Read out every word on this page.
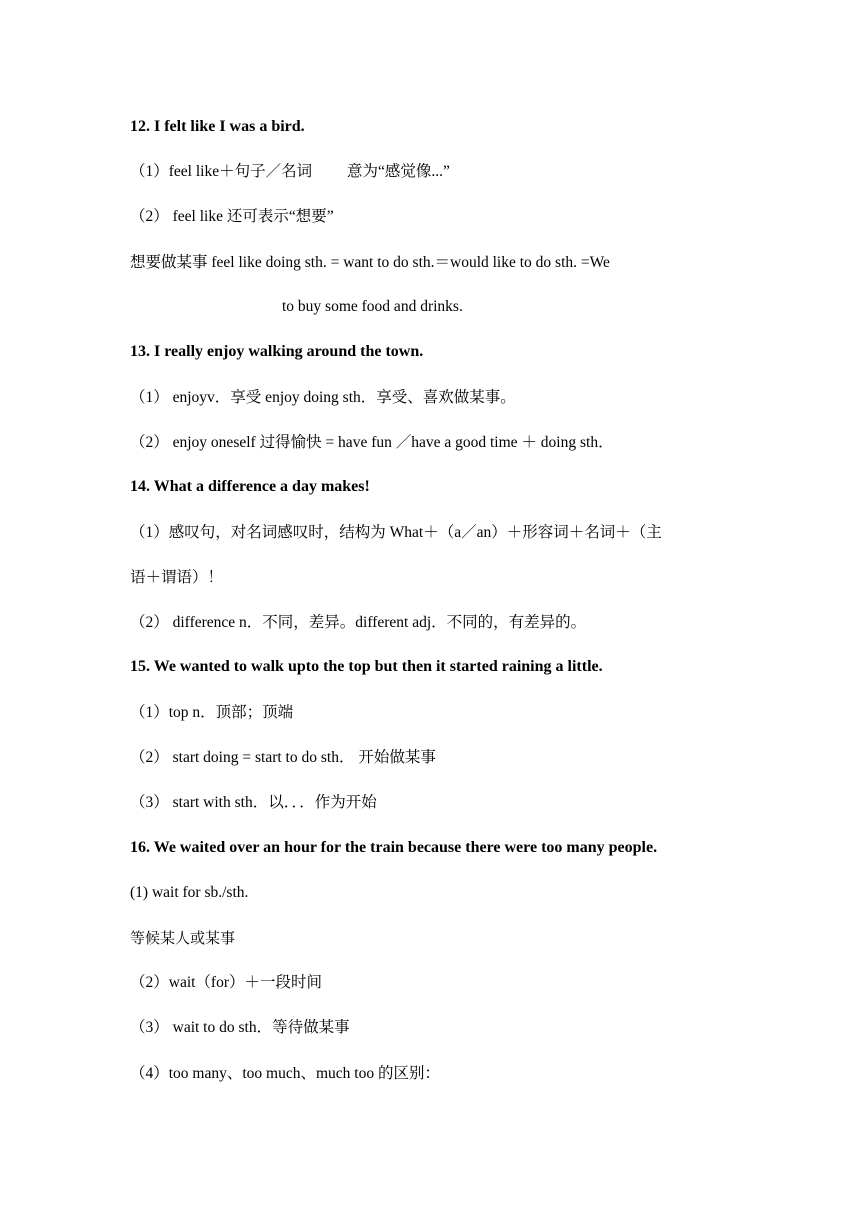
12. I felt like I was a bird.
（1）feel like＋句子／名词　　 意为“感觉像...”
（2） feel like 还可表示“想要”
想要做某事 feel like doing sth. = want to do sth.＝would like to do sth. =We
to buy some food and drinks.
13. I really enjoy walking around the town.
（1） enjoyv．享受 enjoy doing sth．享受、喜欢做某事。
（2） enjoy oneself 过得愉快 = have fun ／have a good time ＋ doing sth．
14. What a difference a day makes!
（1）感叹句，对名词感叹时，结构为 What＋（a／an）＋形容词＋名词＋（主
语＋谓语）！
（2） difference n．不同，差异。different adj．不同的，有差异的。
15. We wanted to walk upto the top but then it started raining a little.
（1）top n．顶部；顶端
（2） start doing = start to do sth． 开始做某事
（3） start with sth．以．．．作为开始
16. We waited over an hour for the train because there were too many people.
(1) wait for sb./sth.
等候某人或某事
（2）wait（for）＋一段时间
（3） wait to do sth．等待做某事
（4）too many、too much、much too 的区别：
